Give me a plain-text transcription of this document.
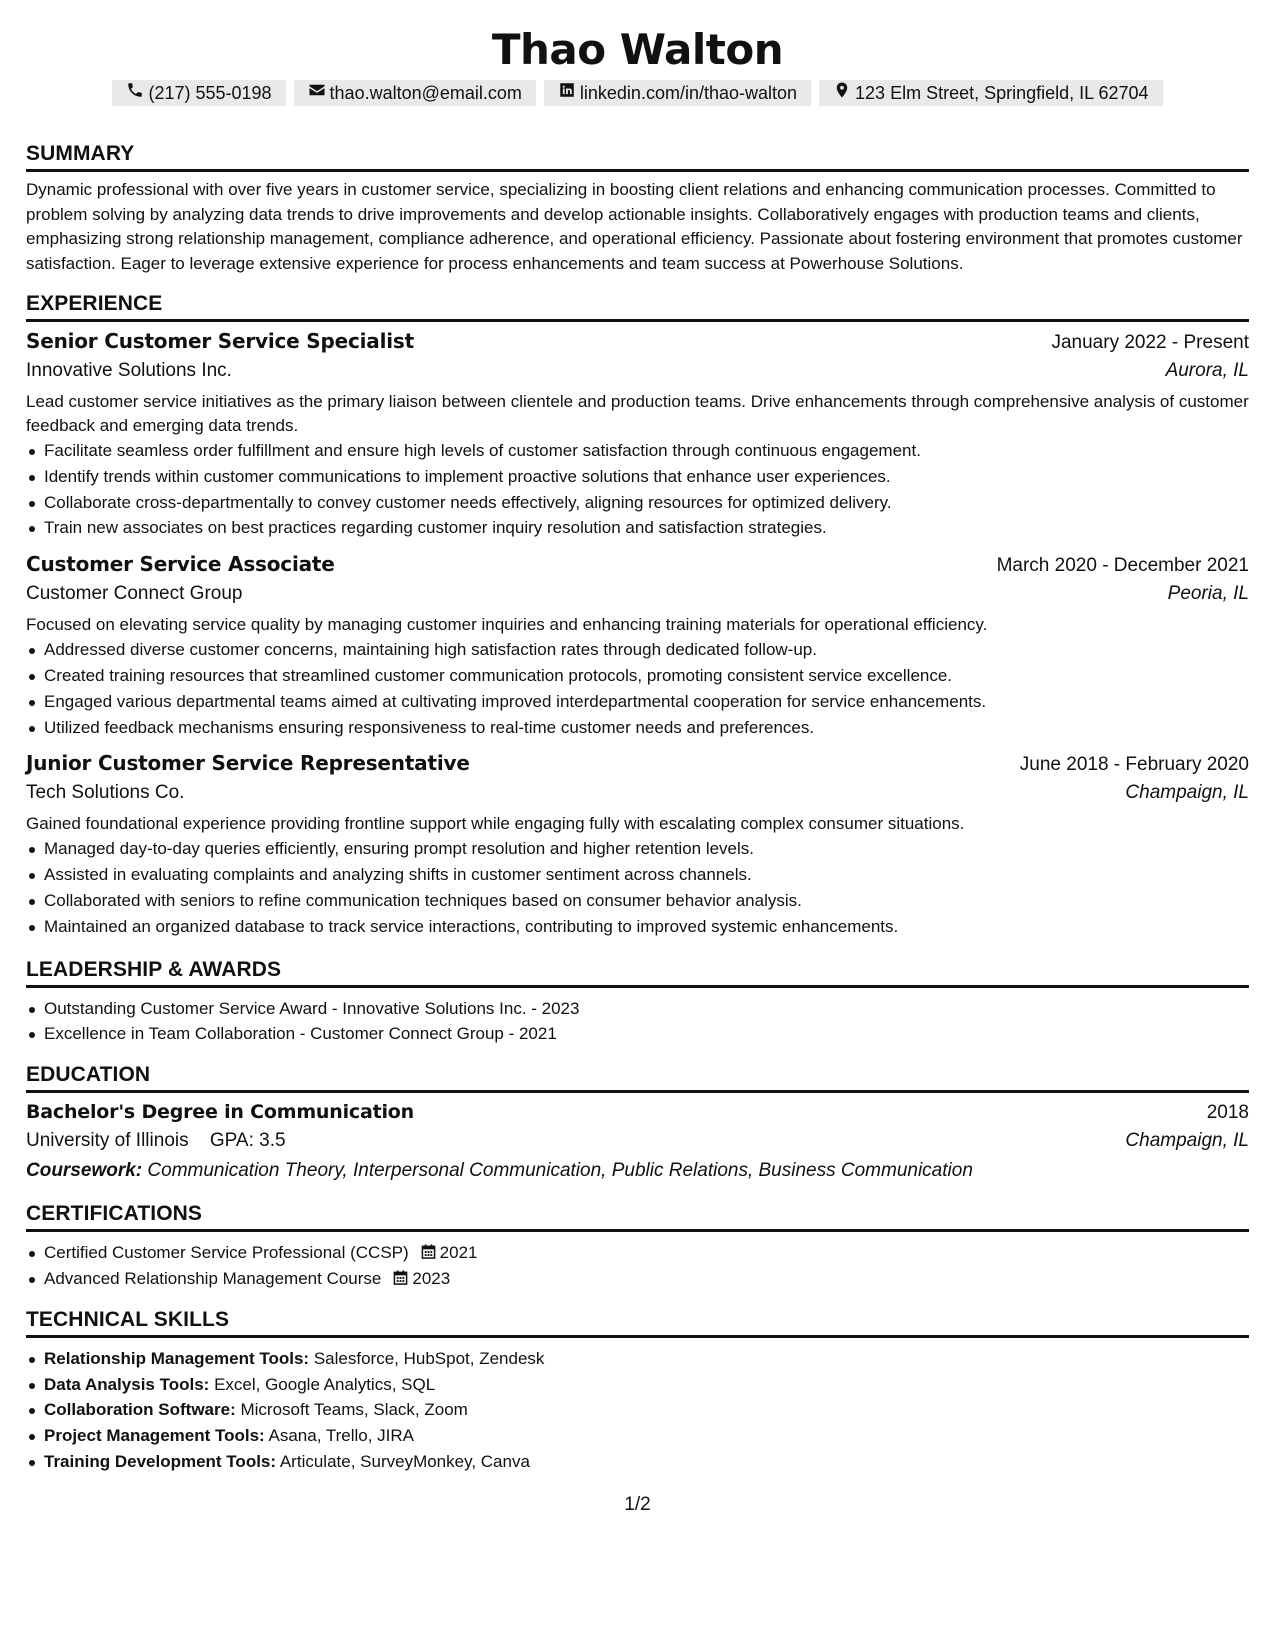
Thao Walton
(217) 555-0198	thao.walton@email.com	linkedin.com/in/thao-walton	123 Elm Street, Springfield, IL 62704
SUMMARY

Dynamic professional with over five years in customer service, specializing in boosting client relations and enhancing communication processes. Committed to problem solving by analyzing data trends to drive improvements and develop actionable insights. Collaboratively engages with production teams and clients, emphasizing strong relationship management, compliance adherence, and operational efficiency. Passionate about fostering environment that promotes customer satisfaction. Eager to leverage extensive experience for process enhancements and team success at Powerhouse Solutions.

EXPERIENCE
Senior Customer Service Specialist	January 2022 - Present
Innovative Solutions Inc.	Aurora, IL

Lead customer service initiatives as the primary liaison between clientele and production teams. Drive enhancements through comprehensive analysis of customer feedback and emerging data trends.

Facilitate seamless order fulfillment and ensure high levels of customer satisfaction through continuous engagement.
Identify trends within customer communications to implement proactive solutions that enhance user experiences.
Collaborate cross-departmentally to convey customer needs effectively, aligning resources for optimized delivery.
Train new associates on best practices regarding customer inquiry resolution and satisfaction strategies.
Customer Service Associate	March 2020 - December 2021
Customer Connect Group	Peoria, IL

Focused on elevating service quality by managing customer inquiries and enhancing training materials for operational efficiency.

Addressed diverse customer concerns, maintaining high satisfaction rates through dedicated follow-up.
Created training resources that streamlined customer communication protocols, promoting consistent service excellence.
Engaged various departmental teams aimed at cultivating improved interdepartmental cooperation for service enhancements.
Utilized feedback mechanisms ensuring responsiveness to real-time customer needs and preferences.
Junior Customer Service Representative	June 2018 - February 2020
Tech Solutions Co.	Champaign, IL

Gained foundational experience providing frontline support while engaging fully with escalating complex consumer situations.

Managed day-to-day queries efficiently, ensuring prompt resolution and higher retention levels.
Assisted in evaluating complaints and analyzing shifts in customer sentiment across channels.
Collaborated with seniors to refine communication techniques based on consumer behavior analysis.
Maintained an organized database to track service interactions, contributing to improved systemic enhancements.
LEADERSHIP & AWARDS
Outstanding Customer Service Award - Innovative Solutions Inc. - 2023
Excellence in Team Collaboration - Customer Connect Group - 2021
EDUCATION
Bachelor's Degree in Communication	2018
University of Illinois GPA: 3.5	Champaign, IL

Coursework: Communication Theory, Interpersonal Communication, Public Relations, Business Communication

CERTIFICATIONS
Certified Customer Service Professional (CCSP) 2021
Advanced Relationship Management Course 2023
TECHNICAL SKILLS
Relationship Management Tools: Salesforce, HubSpot, Zendesk
Data Analysis Tools: Excel, Google Analytics, SQL
Collaboration Software: Microsoft Teams, Slack, Zoom
Project Management Tools: Asana, Trello, JIRA
Training Development Tools: Articulate, SurveyMonkey, Canva
1/2
